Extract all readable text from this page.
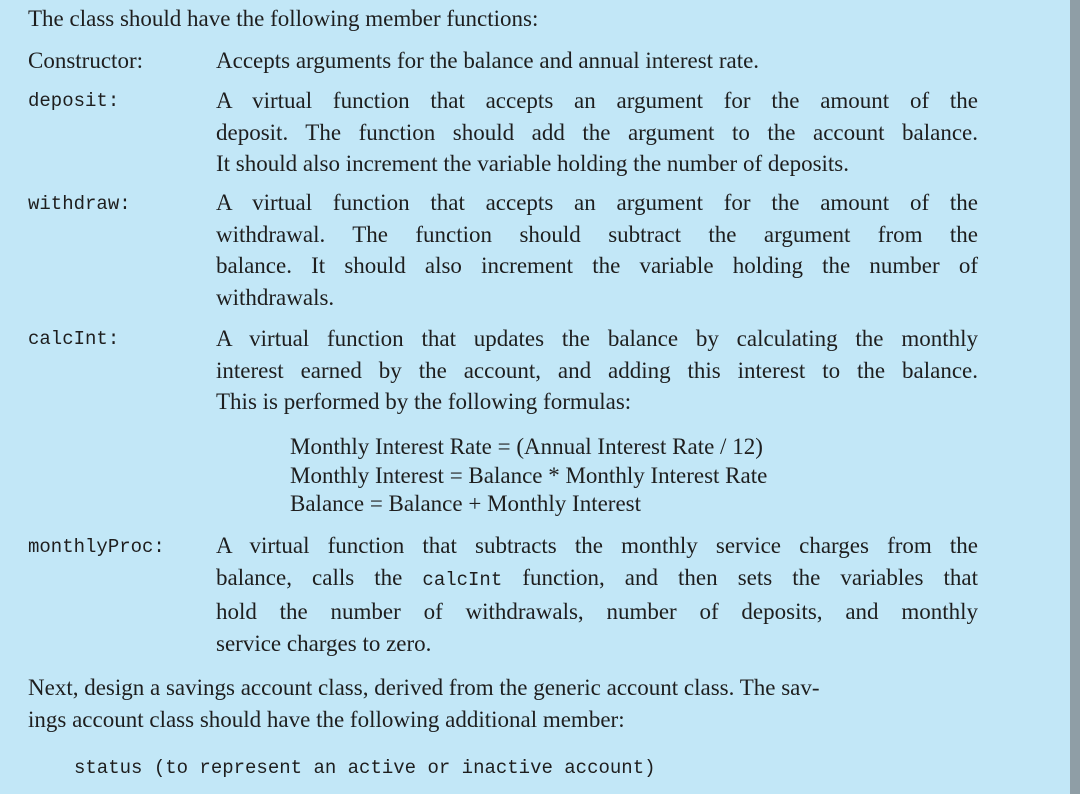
The class should have the following member functions:
Constructor:	Accepts arguments for the balance and annual interest rate.
deposit:	A virtual function that accepts an argument for the amount of the
deposit. The function should add the argument to the account balance.
It should also increment the variable holding the number of deposits.
withdraw:	A virtual function that accepts an argument for the amount of the
withdrawal. The function should subtract the argument from the
balance. It should also increment the variable holding the number of
withdrawals.
calcInt:	A virtual function that updates the balance by calculating the monthly
interest earned by the account, and adding this interest to the balance.
This is performed by the following formulas:
Monthly Interest Rate = (Annual Interest Rate / 12)
Monthly Interest = Balance * Monthly Interest Rate
Balance = Balance + Monthly Interest
monthlyProc: A virtual function that subtracts the monthly service charges from the
balance, calls the calcInt function, and then sets the variables that
hold the number of withdrawals, number of deposits, and monthly
service charges to zero.
Next, design a savings account class, derived from the generic account class. The sav-
ings account class should have the following additional member:
status (to represent an active or inactive account)
